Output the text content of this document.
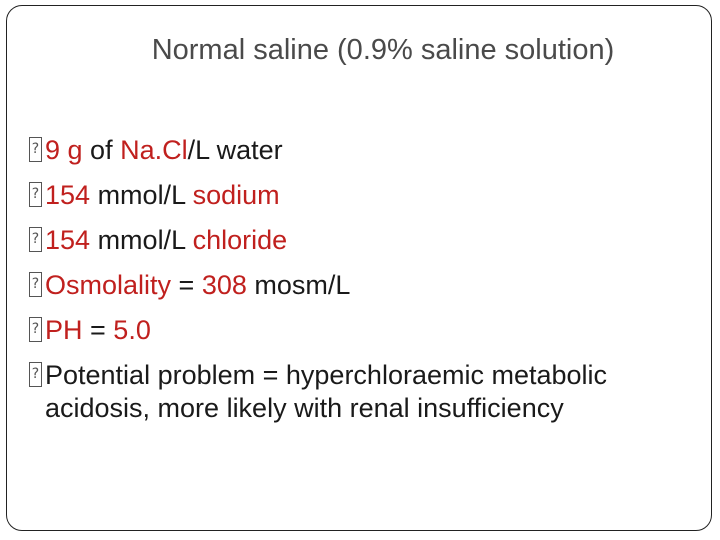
Normal saline (0.9% saline solution)
? 9 g of Na.Cl/L water
? 154 mmol/L sodium
? 154 mmol/L chloride
? Osmolality = 308 mosm/L
? PH = 5.0
? Potential problem = hyperchloraemic metabolic acidosis, more likely with renal insufficiency
